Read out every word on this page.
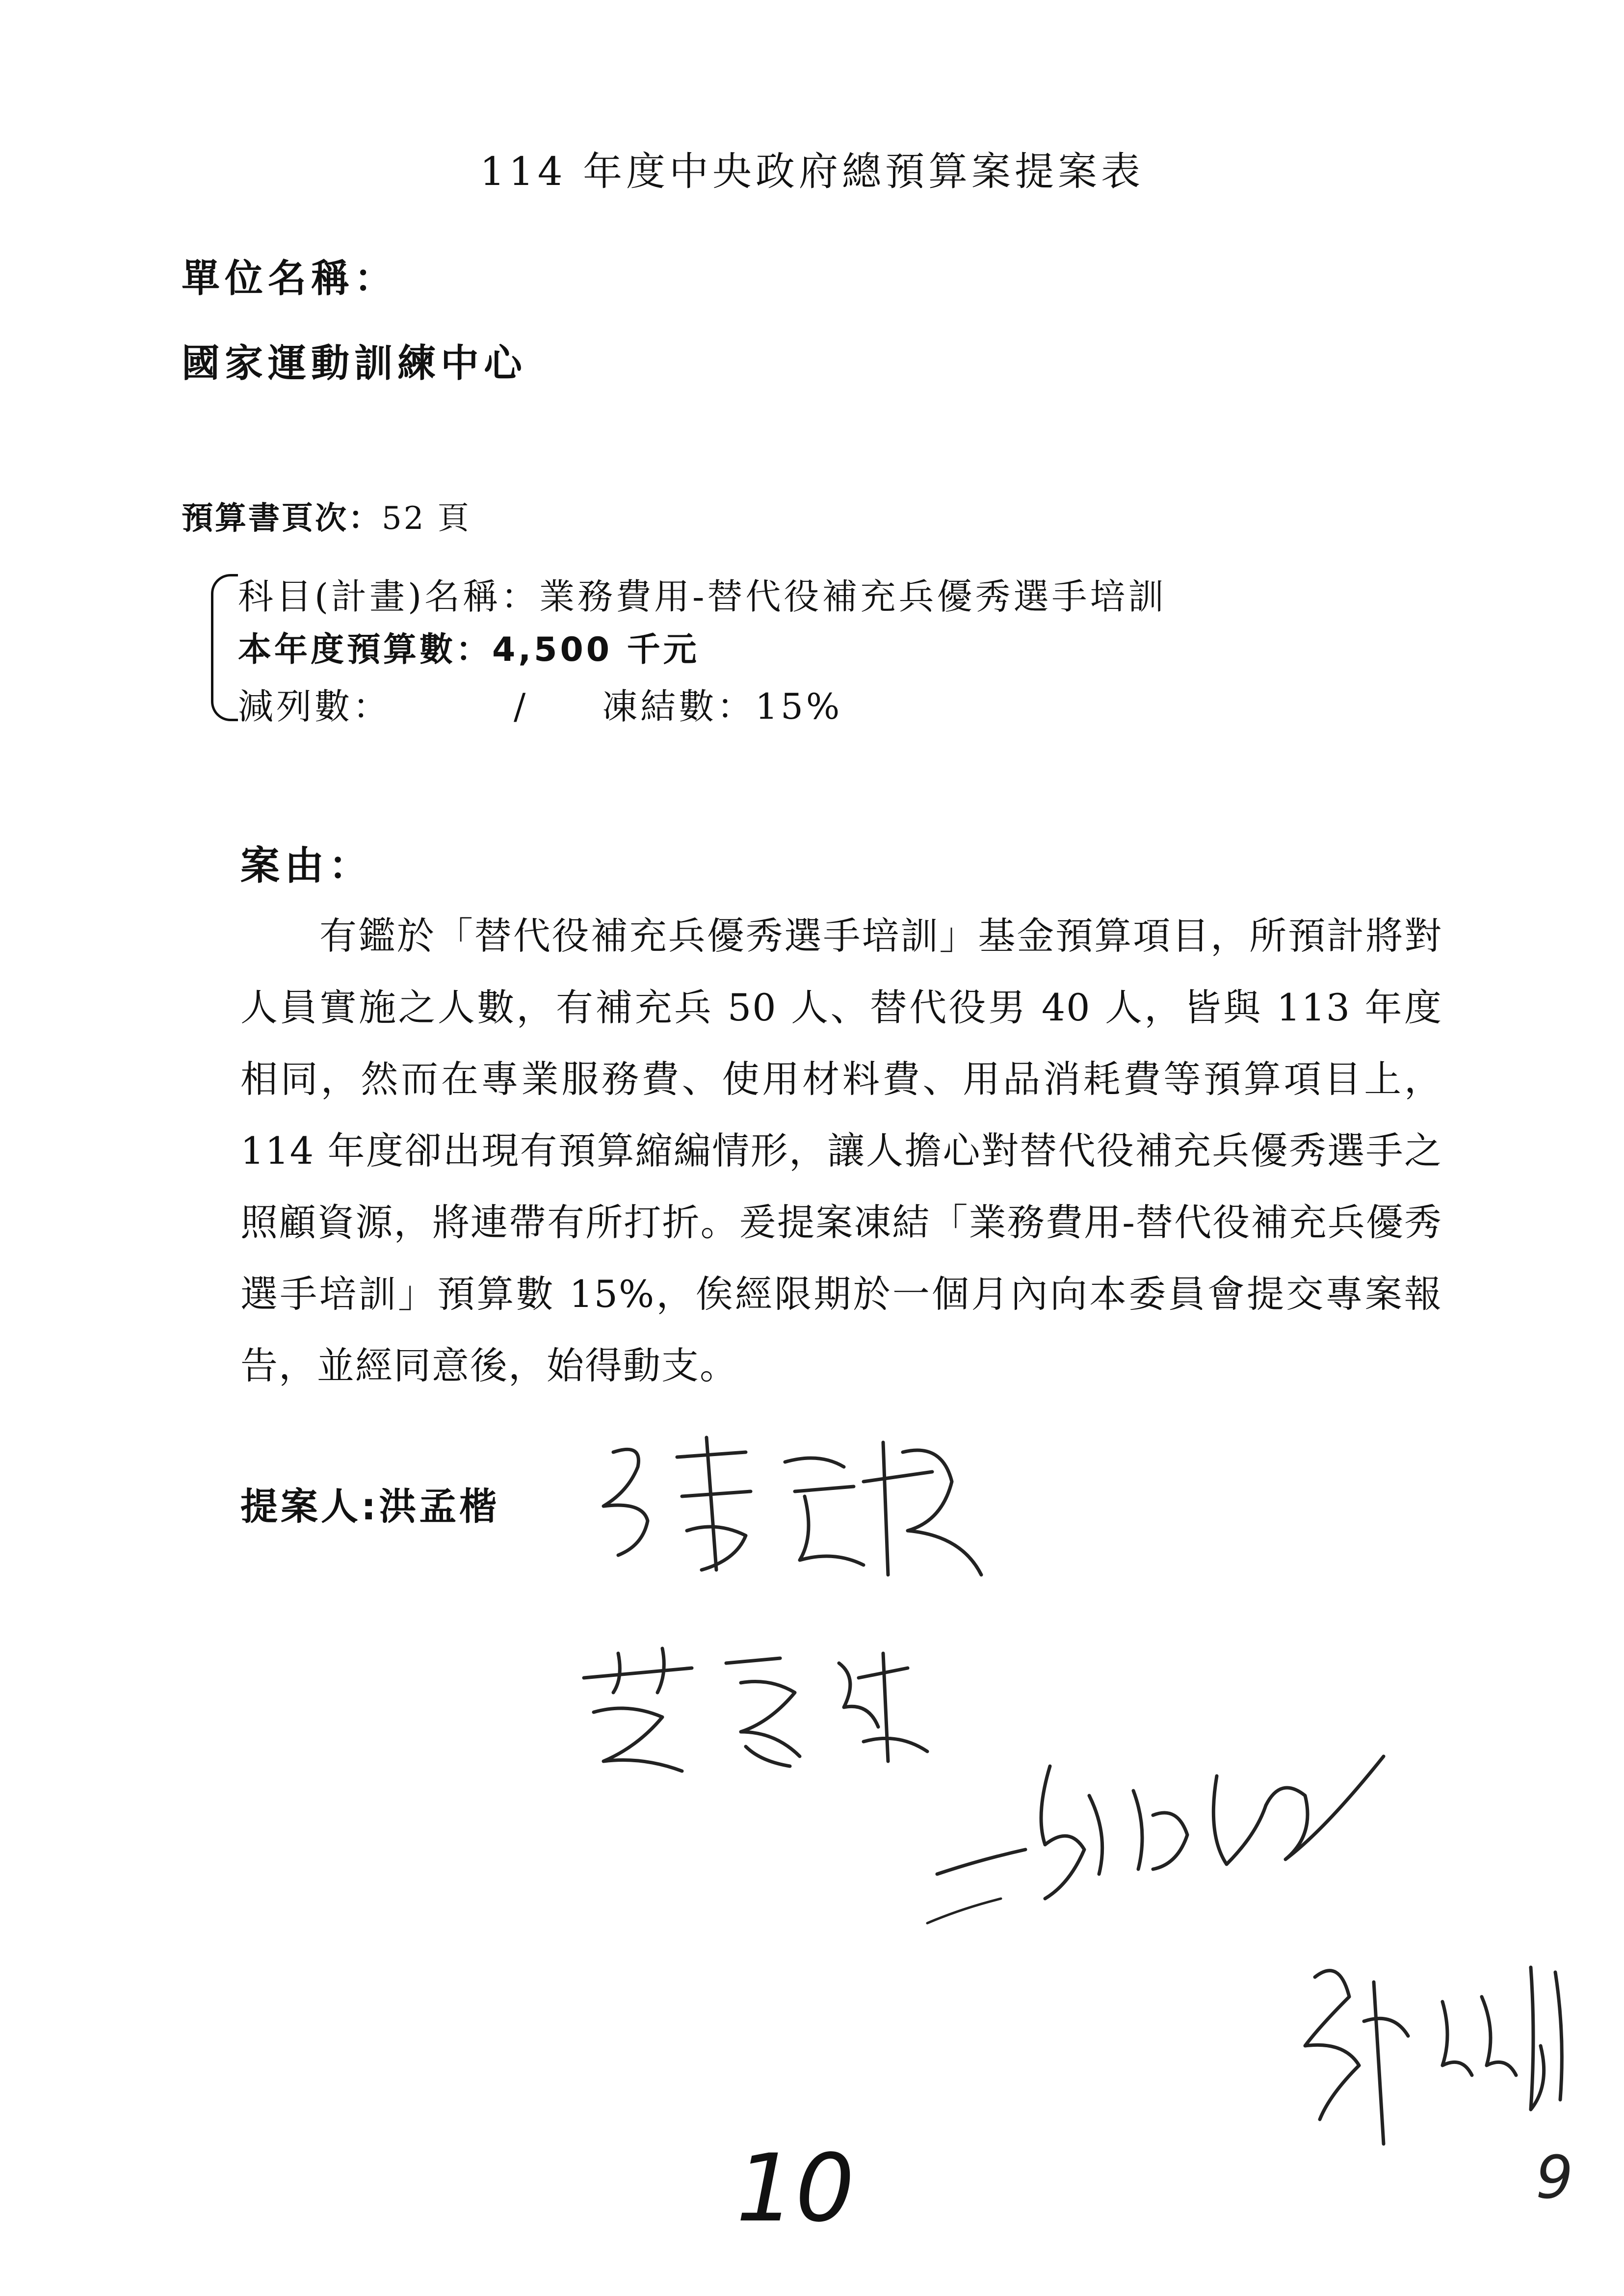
114 年度中央政府總預算案提案表
單位名稱：
國家運動訓練中心
預算書頁次：52 頁
科目(計畫)名稱：業務費用-替代役補充兵優秀選手培訓
本年度預算數：4,500 千元
減列數：	/ 凍結數：15%
案由：

有鑑於「替代役補充兵優秀選手培訓」基金預算項目，所預計將對人員實施之人數，有補充兵 50 人、替代役男 40 人，皆與 113 年度相同，然而在專業服務費、使用材料費、用品消耗費等預算項目上，114 年度卻出現有預算縮編情形，讓人擔心對替代役補充兵優秀選手之照顧資源，將連帶有所打折。爰提案凍結「業務費用-替代役補充兵優秀選手培訓」預算數 15%，俟經限期於一個月內向本委員會提交專案報告，並經同意後，始得動支。

提案人:洪孟楷
10	9
